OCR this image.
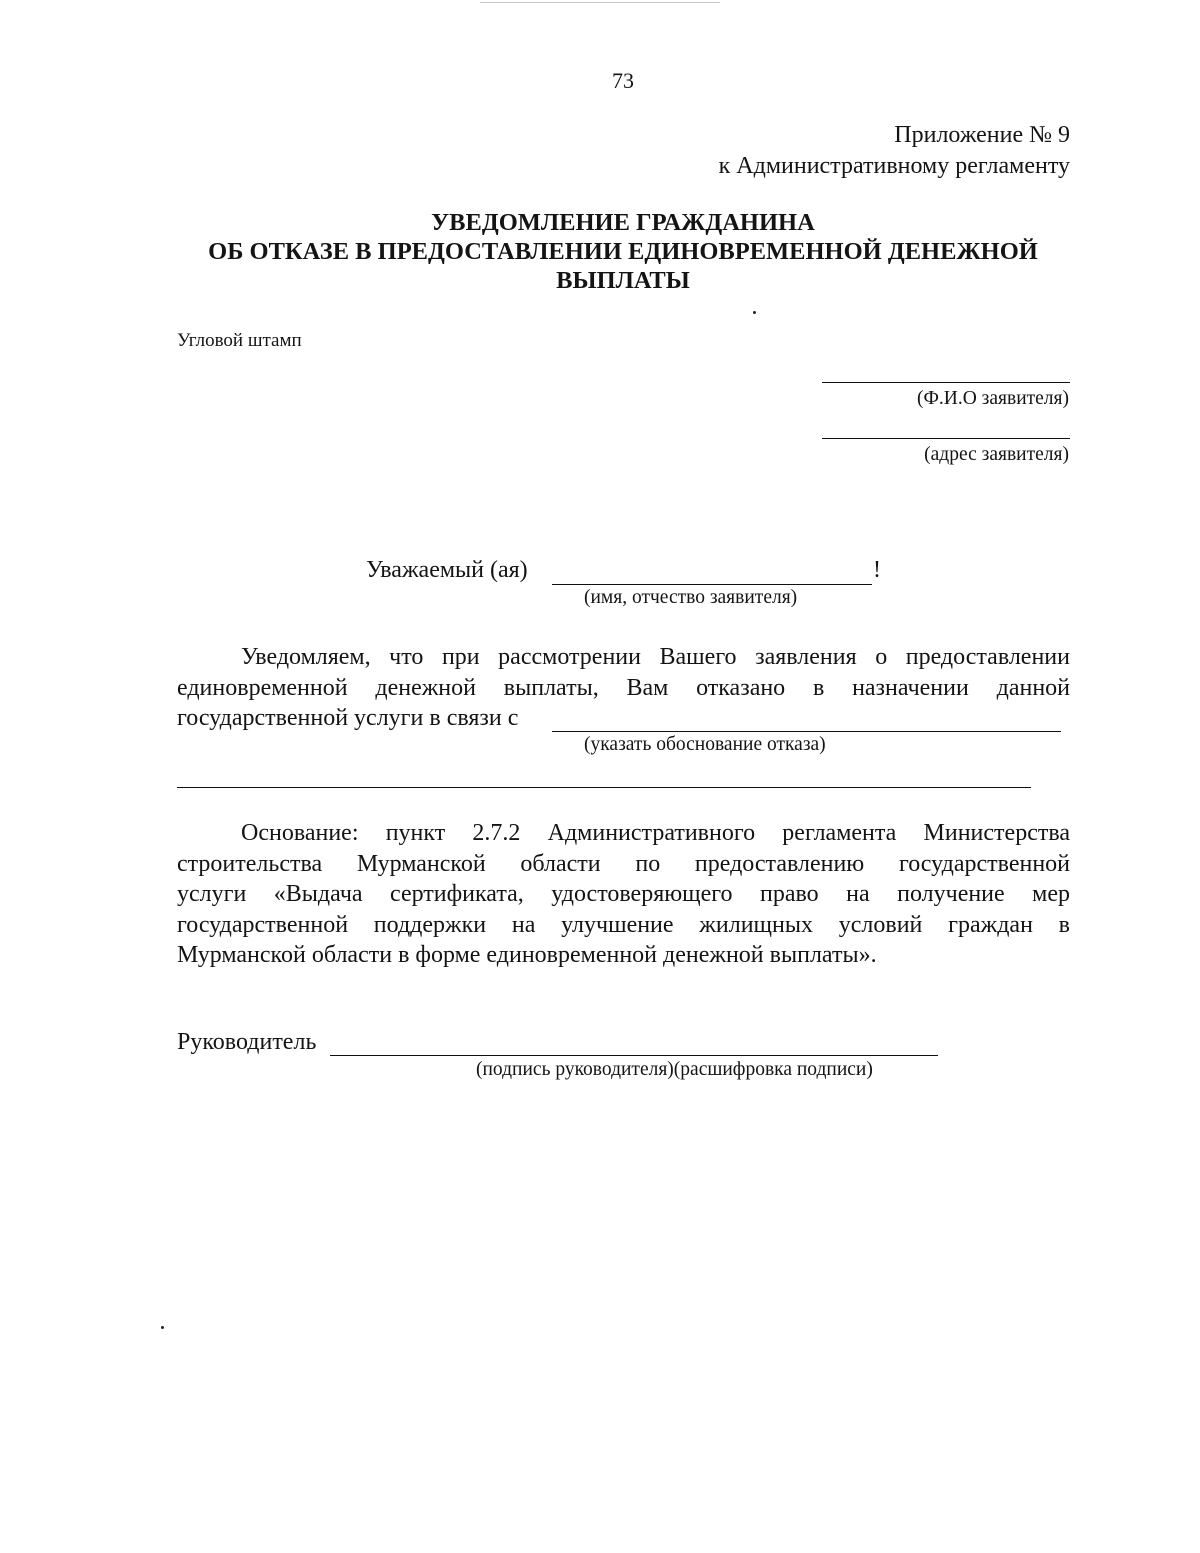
73
Приложение № 9
к Административному регламенту
УВЕДОМЛЕНИЕ ГРАЖДАНИНА
ОБ ОТКАЗЕ В ПРЕДОСТАВЛЕНИИ ЕДИНОВРЕМЕННОЙ ДЕНЕЖНОЙ
ВЫПЛАТЫ
Угловой штамп
(Ф.И.О заявителя)
(адрес заявителя)
Уважаемый (ая)	!
(имя, отчество заявителя)
Уведомляем, что при рассмотрении Вашего заявления о предоставлении
единовременной денежной выплаты, Вам отказано в назначении данной
государственной услуги в связи с
(указать обоснование отказа)
Основание: пункт 2.7.2 Административного регламента Министерства
строительства Мурманской области по предоставлению государственной
услуги «Выдача сертификата, удостоверяющего право на получение мер
государственной поддержки на улучшение жилищных условий граждан в
Мурманской области в форме единовременной денежной выплаты».
Руководитель
(подпись руководителя)(расшифровка подписи)
